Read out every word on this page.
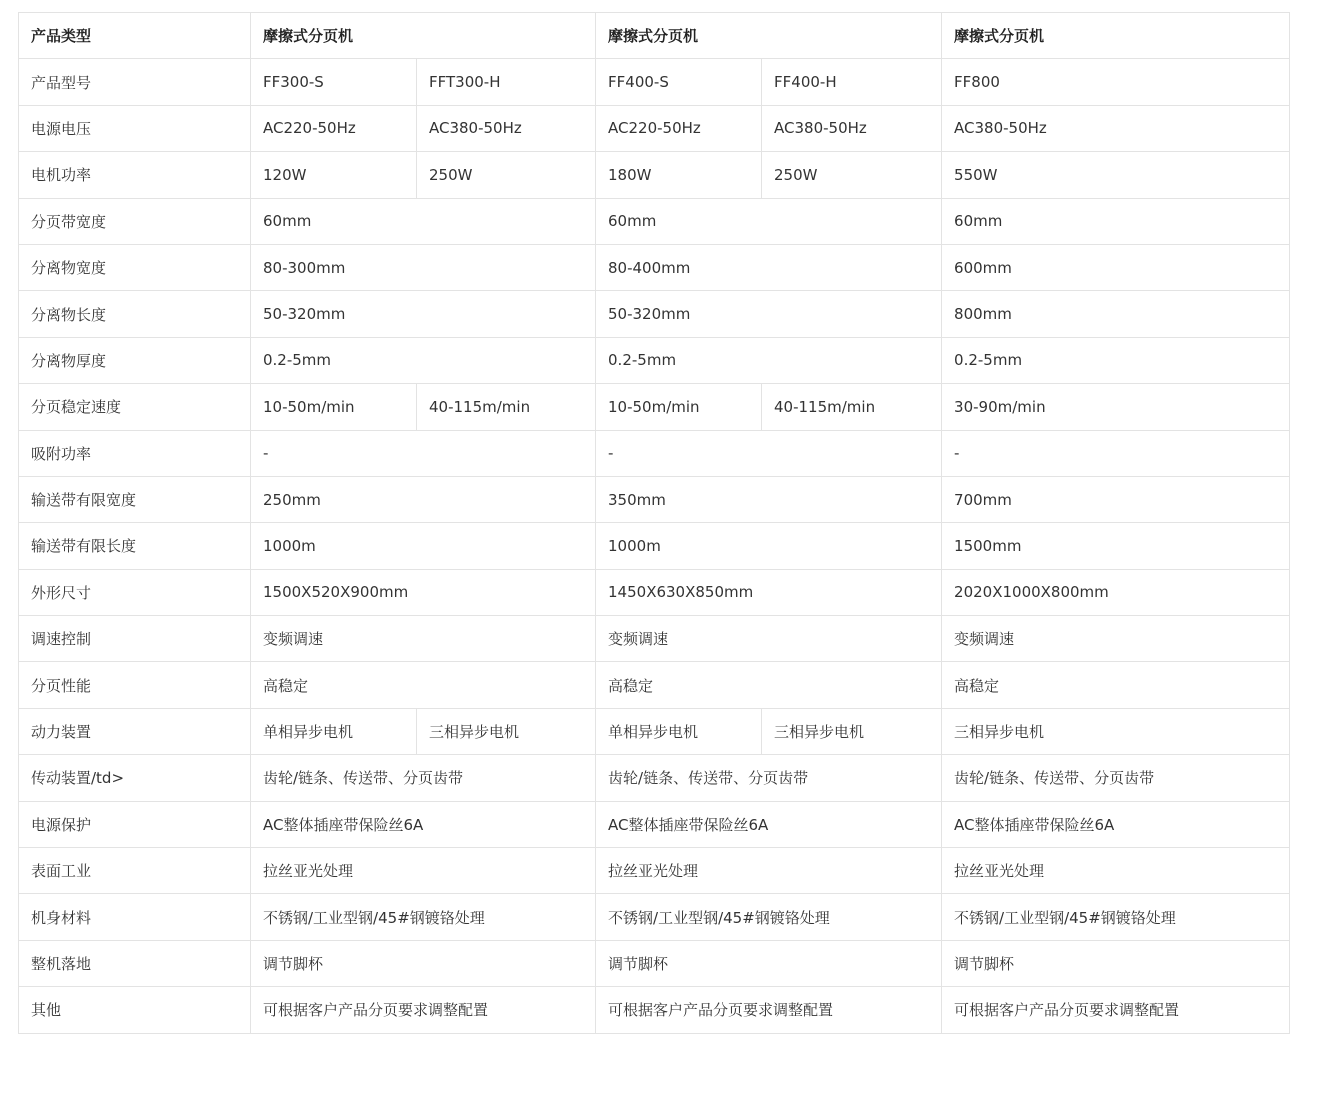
产品类型	摩擦式分页机		摩擦式分页机		摩擦式分页机
产品型号	FF300-S	FFT300-H	FF400-S	FF400-H	FF800
电源电压	AC220-50Hz	AC380-50Hz	AC220-50Hz	AC380-50Hz	AC380-50Hz
电机功率	120W	250W	180W	250W	550W
分页带宽度	60mm		60mm		60mm
分离物宽度	80-300mm		80-400mm		600mm
分离物长度	50-320mm		50-320mm		800mm
分离物厚度	0.2-5mm		0.2-5mm		0.2-5mm
分页稳定速度	10-50m/min	40-115m/min	10-50m/min	40-115m/min	30-90m/min
吸附功率	-		-		-
输送带有限宽度	250mm		350mm		700mm
输送带有限长度	1000m		1000m		1500mm
外形尺寸	1500X520X900mm		1450X630X850mm		2020X1000X800mm
调速控制	变频调速		变频调速		变频调速
分页性能	高稳定		高稳定		高稳定
动力装置	单相异步电机	三相异步电机	单相异步电机	三相异步电机	三相异步电机
传动装置/td>	齿轮/链条、传送带、分页齿带		齿轮/链条、传送带、分页齿带		齿轮/链条、传送带、分页齿带
电源保护	AC整体插座带保险丝6A		AC整体插座带保险丝6A		AC整体插座带保险丝6A
表面工业	拉丝亚光处理		拉丝亚光处理		拉丝亚光处理
机身材料	不锈钢/工业型钢/45#钢镀铬处理		不锈钢/工业型钢/45#钢镀铬处理		不锈钢/工业型钢/45#钢镀铬处理
整机落地	调节脚杯		调节脚杯		调节脚杯
其他	可根据客户产品分页要求调整配置		可根据客户产品分页要求调整配置		可根据客户产品分页要求调整配置
